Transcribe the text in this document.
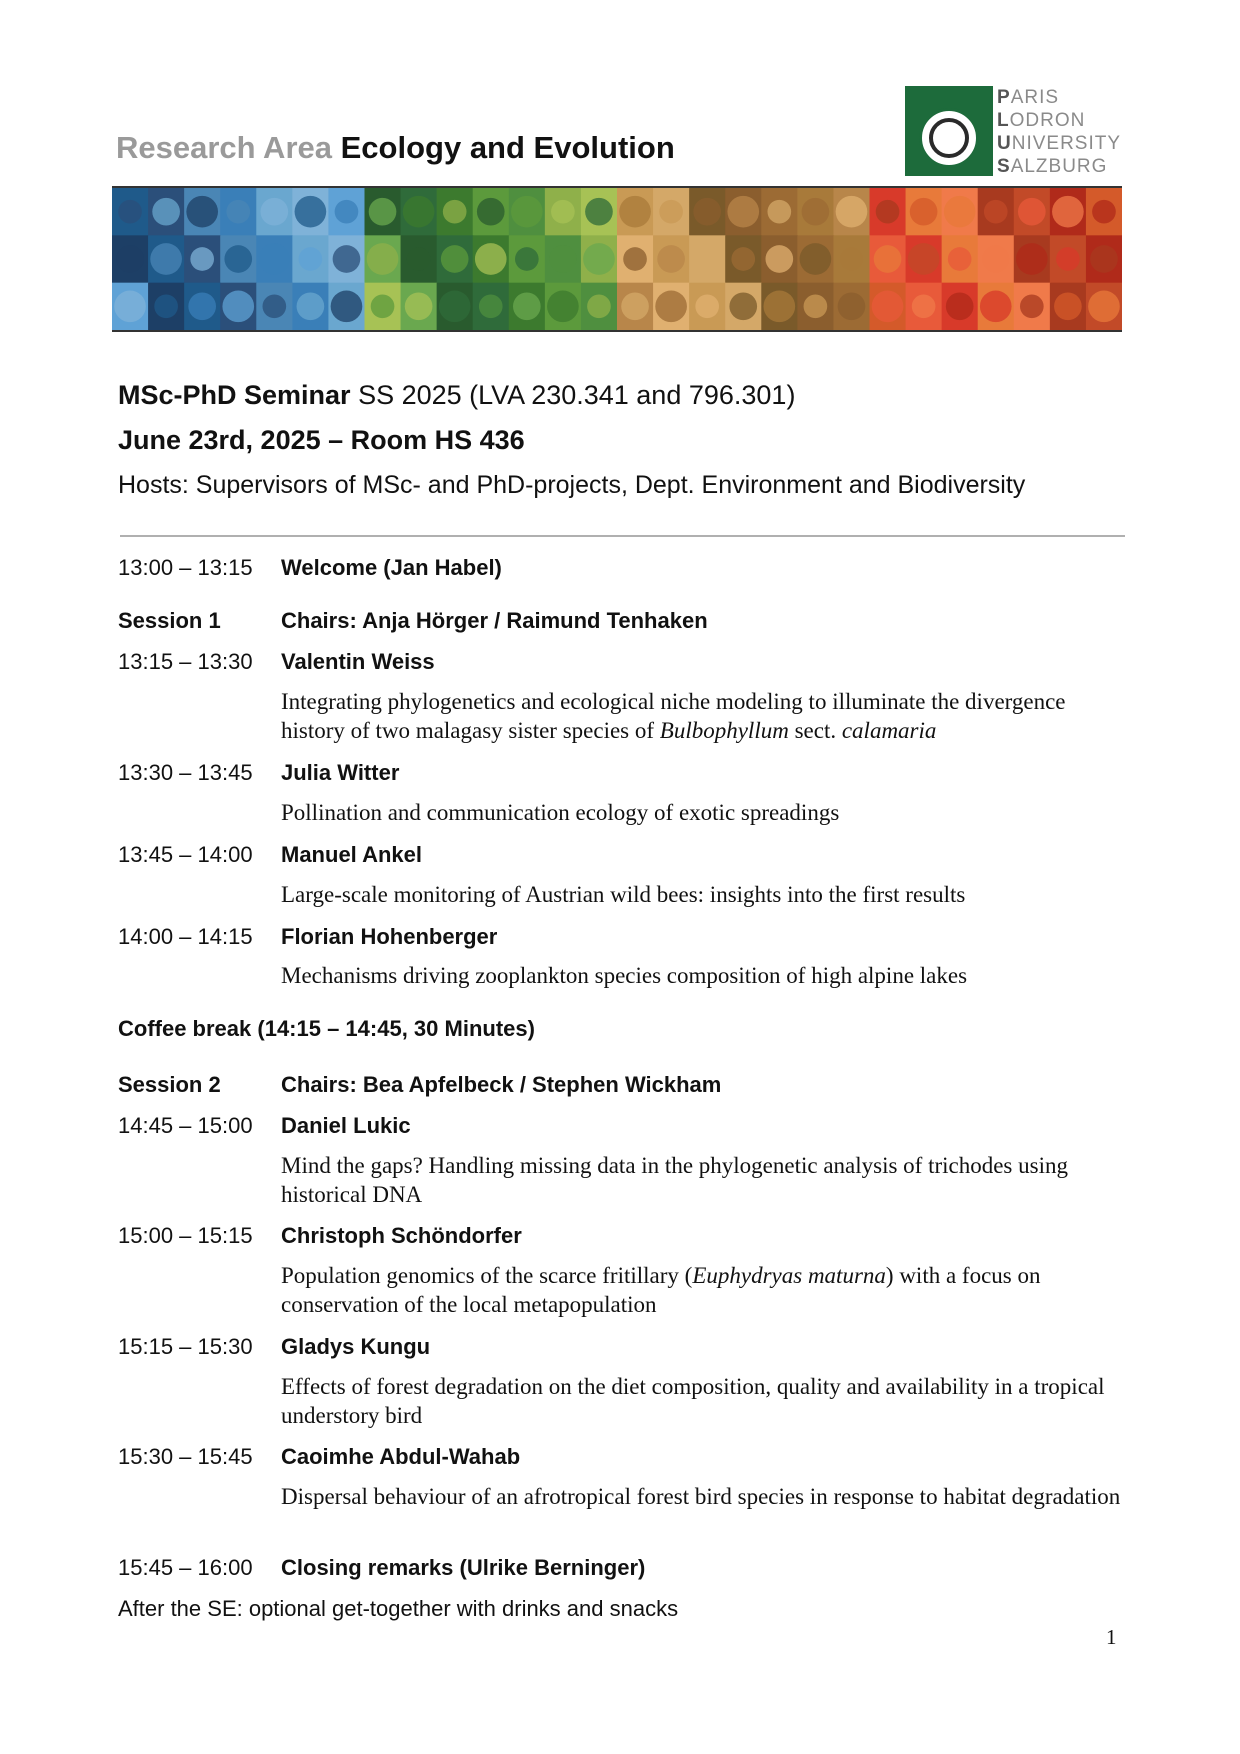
Research Area Ecology and Evolution
PARIS
LODRON
UNIVERSITY
SALZBURG
MSc-PhD Seminar SS 2025 (LVA 230.341 and 796.301)
June 23rd, 2025 – Room HS 436
Hosts: Supervisors of MSc- and PhD-projects, Dept. Environment and Biodiversity
13:00 – 13:15 Welcome (Jan Habel)
Session 1	Chairs: Anja Hörger / Raimund Tenhaken
13:15 – 13:30 Valentin Weiss
Integrating phylogenetics and ecological niche modeling to illuminate the divergence history of two malagasy sister species of Bulbophyllum sect. calamaria
13:30 – 13:45 Julia Witter
Pollination and communication ecology of exotic spreadings
13:45 – 14:00 Manuel Ankel
Large-scale monitoring of Austrian wild bees: insights into the first results
14:00 – 14:15 Florian Hohenberger
Mechanisms driving zooplankton species composition of high alpine lakes
Coffee break (14:15 – 14:45, 30 Minutes)
Session 2	Chairs: Bea Apfelbeck / Stephen Wickham
14:45 – 15:00 Daniel Lukic
Mind the gaps? Handling missing data in the phylogenetic analysis of trichodes using historical DNA
15:00 – 15:15 Christoph Schöndorfer
Population genomics of the scarce fritillary (Euphydryas maturna) with a focus on conservation of the local metapopulation
15:15 – 15:30 Gladys Kungu
Effects of forest degradation on the diet composition, quality and availability in a tropical understory bird
15:30 – 15:45 Caoimhe Abdul-Wahab
Dispersal behaviour of an afrotropical forest bird species in response to habitat degradation
15:45 – 16:00 Closing remarks (Ulrike Berninger)
After the SE: optional get-together with drinks and snacks
1
